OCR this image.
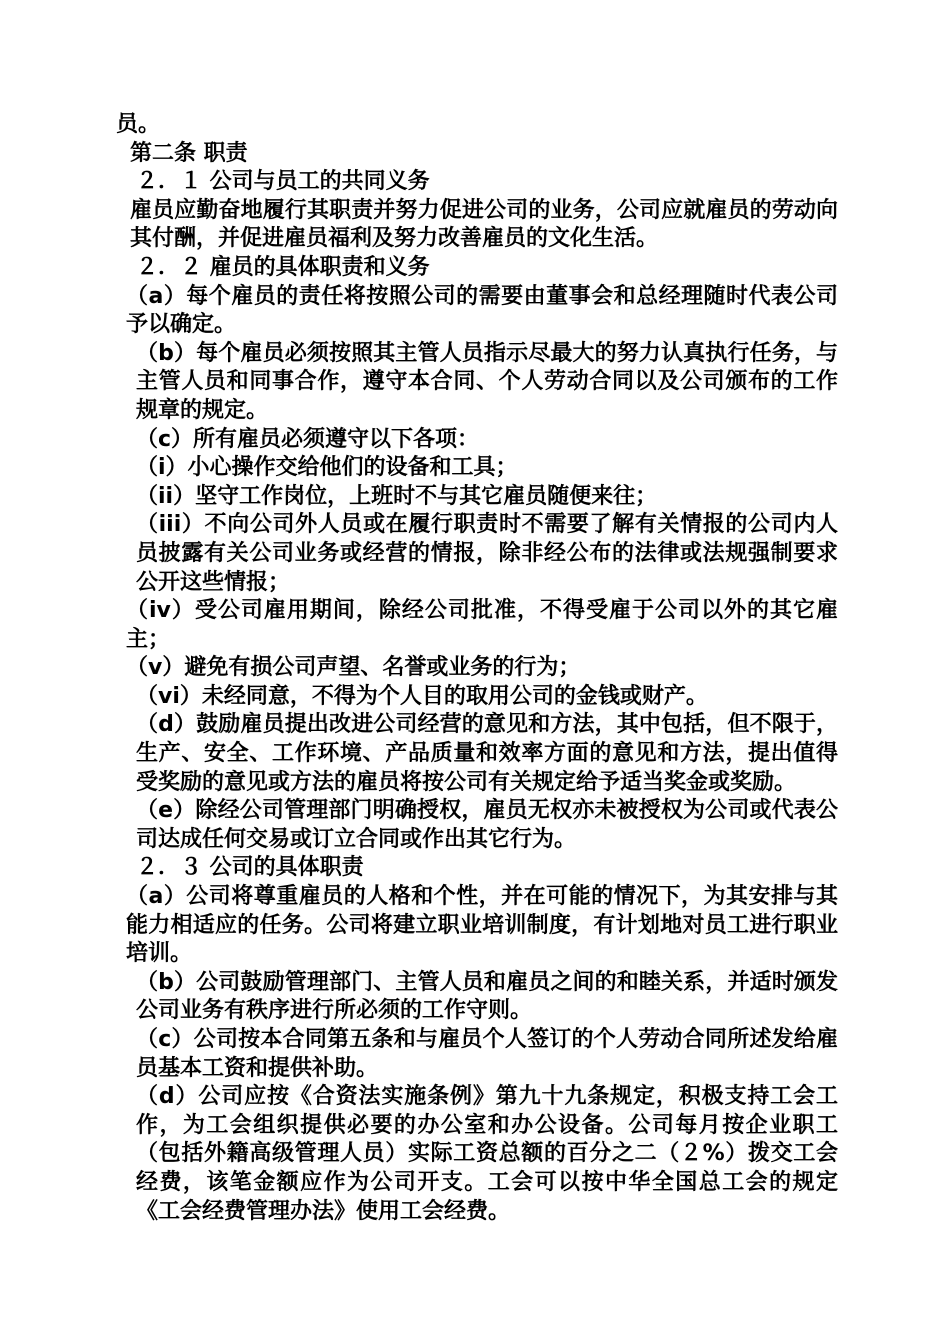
员。

第二条 职责

２．１ 公司与员工的共同义务

雇员应勤奋地履行其职责并努力促进公司的业务，公司应就雇员的劳动向其付酬，并促进雇员福利及努力改善雇员的文化生活。

２．２ 雇员的具体职责和义务

（a）每个雇员的责任将按照公司的需要由董事会和总经理随时代表公司予以确定。

（b）每个雇员必须按照其主管人员指示尽最大的努力认真执行任务，与主管人员和同事合作，遵守本合同、个人劳动合同以及公司颁布的工作规章的规定。

（c）所有雇员必须遵守以下各项：

（i）小心操作交给他们的设备和工具；

（ii）坚守工作岗位，上班时不与其它雇员随便来往；

（iii）不向公司外人员或在履行职责时不需要了解有关情报的公司内人员披露有关公司业务或经营的情报，除非经公布的法律或法规强制要求公开这些情报；

（iv）受公司雇用期间，除经公司批准，不得受雇于公司以外的其它雇主；

（v）避免有损公司声望、名誉或业务的行为；

（vi）未经同意，不得为个人目的取用公司的金钱或财产。

（d）鼓励雇员提出改进公司经营的意见和方法，其中包括，但不限于，生产、安全、工作环境、产品质量和效率方面的意见和方法，提出值得受奖励的意见或方法的雇员将按公司有关规定给予适当奖金或奖励。

（e）除经公司管理部门明确授权，雇员无权亦未被授权为公司或代表公司达成任何交易或订立合同或作出其它行为。

２．３ 公司的具体职责

（a）公司将尊重雇员的人格和个性，并在可能的情况下，为其安排与其能力相适应的任务。公司将建立职业培训制度，有计划地对员工进行职业培训。

（b）公司鼓励管理部门、主管人员和雇员之间的和睦关系，并适时颁发公司业务有秩序进行所必须的工作守则。

（c）公司按本合同第五条和与雇员个人签订的个人劳动合同所述发给雇员基本工资和提供补助。

（d）公司应按《合资法实施条例》第九十九条规定，积极支持工会工作，为工会组织提供必要的办公室和办公设备。公司每月按企业职工（包括外籍高级管理人员）实际工资总额的百分之二（２%）拨交工会经费，该笔金额应作为公司开支。工会可以按中华全国总工会的规定《工会经费管理办法》使用工会经费。
